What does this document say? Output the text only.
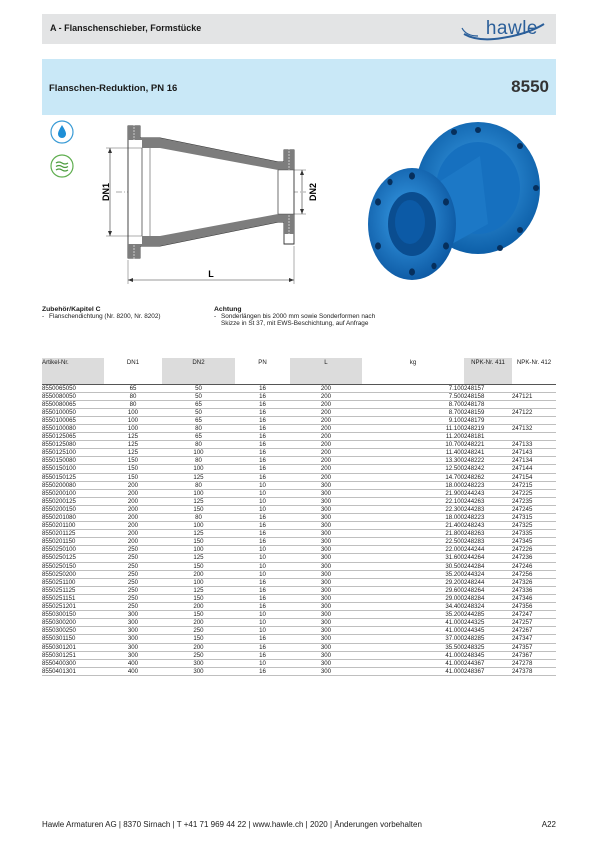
A - Flanschenschieber, Formstücke	hawle
Flanschen-Reduktion, PN 16	8550
DN1	DN2
L
Zubehör/Kapitel C
- Flanschendichtung (Nr. 8200, Nr. 8202)
Achtung
- Sonderlängen bis 2000 mm sowie Sonderformen nach Skizze in St 37, mit EWS-Beschichtung, auf Anfrage
Artikel-Nr.	DN1	DN2	PN	L	kg	NPK-Nr. 411	NPK-Nr. 412
8550065050	65	50	16	200	7.100	248157	
8550080050	80	50	16	200	7.500	248158	247121
8550080065	80	65	16	200	8.700	248178	
8550100050	100	50	16	200	8.700	248159	247122
8550100065	100	65	16	200	9.100	248179	
8550100080	100	80	16	200	11.100	248219	247132
8550125065	125	65	16	200	11.200	248181	
8550125080	125	80	16	200	10.700	248221	247133
8550125100	125	100	16	200	11.400	248241	247143
8550150080	150	80	16	200	13.300	248222	247134
8550150100	150	100	16	200	12.500	248242	247144
8550150125	150	125	16	200	14.700	248262	247154
8550200080	200	80	10	300	18.000	248223	247215
8550200100	200	100	10	300	21.900	244243	247225
8550200125	200	125	10	300	22.100	244263	247235
8550200150	200	150	10	300	22.300	244283	247245
8550201080	200	80	16	300	18.000	248223	247315
8550201100	200	100	16	300	21.400	248243	247325
8550201125	200	125	16	300	21.800	248263	247335
8550201150	200	150	16	300	22.500	248283	247345
8550250100	250	100	10	300	22.000	244244	247226
8550250125	250	125	10	300	31.600	244264	247236
8550250150	250	150	10	300	30.500	244284	247246
8550250200	250	200	10	300	35.200	244324	247256
8550251100	250	100	16	300	29.200	248244	247326
8550251125	250	125	16	300	29.600	248264	247336
8550251151	250	150	16	300	29.000	248284	247346
8550251201	250	200	16	300	34.400	248324	247356
8550300150	300	150	10	300	35.200	244285	247247
8550300200	300	200	10	300	41.000	244325	247257
8550300250	300	250	10	300	41.000	244345	247267
8550301150	300	150	16	300	37.000	248285	247347
8550301201	300	200	16	300	35.500	248325	247357
8550301251	300	250	16	300	41.000	248345	247367
8550400300	400	300	10	300	41.000	244367	247278
8550401301	400	300	16	300	41.000	248367	247378
Hawle Armaturen AG | 8370 Sirnach | T +41 71 969 44 22 | www.hawle.ch | 2020 | Änderungen vorbehalten	A22
